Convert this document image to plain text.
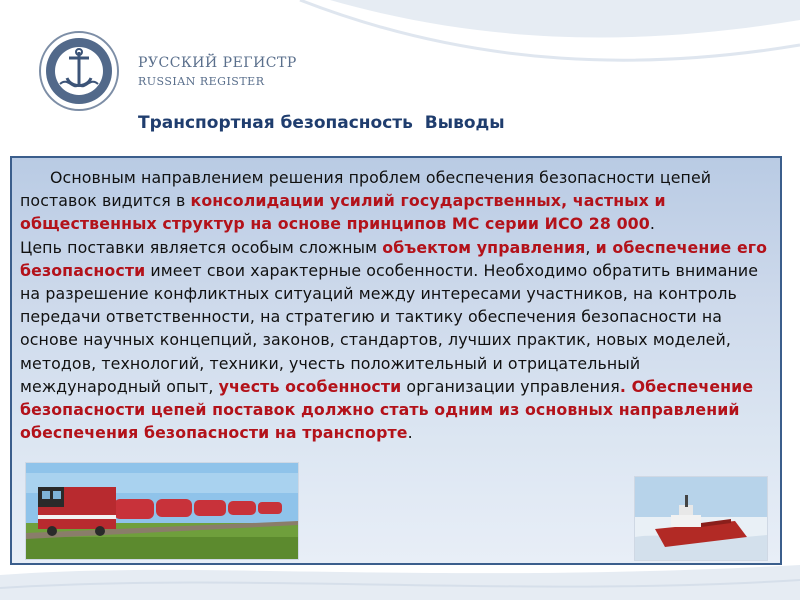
РУССКИЙ РЕГИСТР
RUSSIAN REGISTER
Транспортная безопасность  Выводы

Основным направлением решения проблем обеспечения безопасности цепей поставок видится в консолидации усилий государственных, частных и общественных структур на основе принципов МС серии ИСО 28 000.

Цепь поставки является особым сложным объектом управления, и обеспечение его безопасности имеет свои характерные особенности. Необходимо обратить внимание на разрешение конфликтных ситуаций между интересами участников, на контроль передачи ответственности, на стратегию и тактику обеспечения безопасности на основе научных концепций, законов, стандартов, лучших практик, новых моделей, методов, технологий, техники, учесть положительный и отрицательный международный опыт, учесть особенности организации управления. Обеспечение безопасности цепей поставок должно стать одним из основных направлений обеспечения безопасности на транспорте.
